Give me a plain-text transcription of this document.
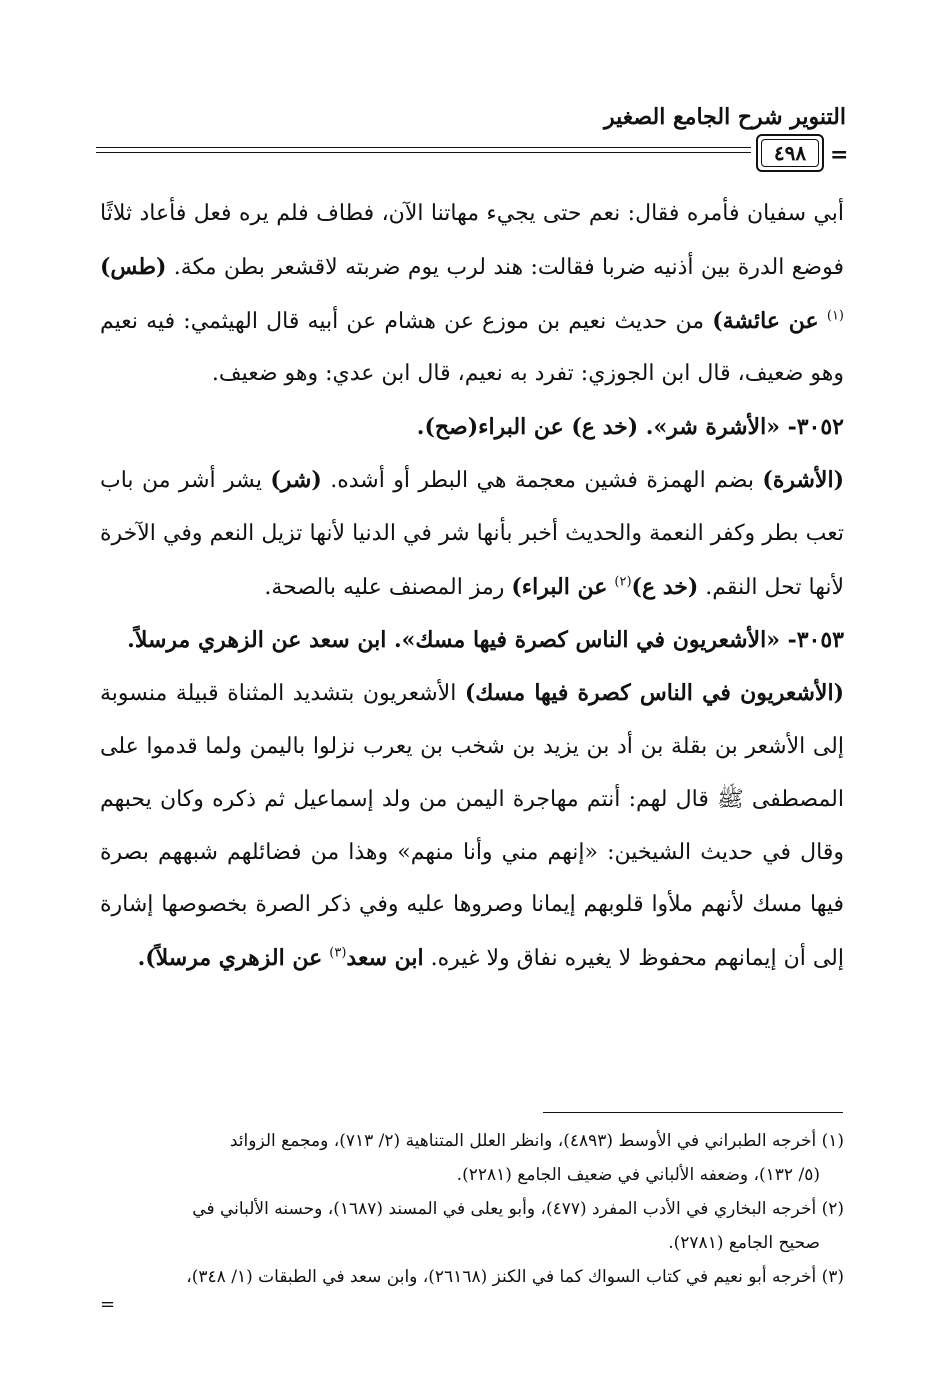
التنوير شرح الجامع الصغير
٤٩٨ =

أبي سفيان فأمره فقال: نعم حتى يجيء مهاتنا الآن، فطاف فلم يره فعل فأعاد ثلاثًا فوضع الدرة بين أذنيه ضربا فقالت: هند لرب يوم ضربته لاقشعر بطن مكة. (طس)$^{(١)}$ عن عائشة) من حديث نعيم بن موزع عن هشام عن أبيه قال الهيثمي: فيه نعيم وهو ضعيف، قال ابن الجوزي: تفرد به نعيم، قال ابن عدي: وهو ضعيف.

٣٠٥٢- «الأشرة شر». (خد ع) عن البراء(صح).

(الأشرة) بضم الهمزة فشين معجمة هي البطر أو أشده. (شر) يشر أشر من باب تعب بطر وكفر النعمة والحديث أخبر بأنها شر في الدنيا لأنها تزيل النعم وفي الآخرة لأنها تحل النقم. (خد ع)$^{(٢)}$ عن البراء) رمز المصنف عليه بالصحة.

٣٠٥٣- «الأشعريون في الناس كصرة فيها مسك». ابن سعد عن الزهري مرسلاً.

(الأشعريون في الناس كصرة فيها مسك) الأشعريون بتشديد المثناة قبيلة منسوبة إلى الأشعر بن بقلة بن أد بن يزيد بن شخب بن يعرب نزلوا باليمن ولما قدموا على المصطفى ﷺ قال لهم: أنتم مهاجرة اليمن من ولد إسماعيل ثم ذكره وكان يحبهم وقال في حديث الشيخين: «إنهم مني وأنا منهم» وهذا من فضائلهم شبههم بصرة فيها مسك لأنهم ملأوا قلوبهم إيمانا وصروها عليه وفي ذكر الصرة بخصوصها إشارة إلى أن إيمانهم محفوظ لا يغيره نفاق ولا غيره. ابن سعد$^{(٣)}$ عن الزهري مرسلاً).

(١) أخرجه الطبراني في الأوسط (٤٨٩٣)، وانظر العلل المتناهية (٢/ ٧١٣)، ومجمع الزوائد

(٥/ ١٣٢)، وضعفه الألباني في ضعيف الجامع (٢٢٨١).

(٢) أخرجه البخاري في الأدب المفرد (٤٧٧)، وأبو يعلى في المسند (١٦٨٧)، وحسنه الألباني في

صحيح الجامع (٢٧٨١).

(٣) أخرجه أبو نعيم في كتاب السواك كما في الكنز (٢٦١٦٨)، وابن سعد في الطبقات (١/ ٣٤٨)،

=
